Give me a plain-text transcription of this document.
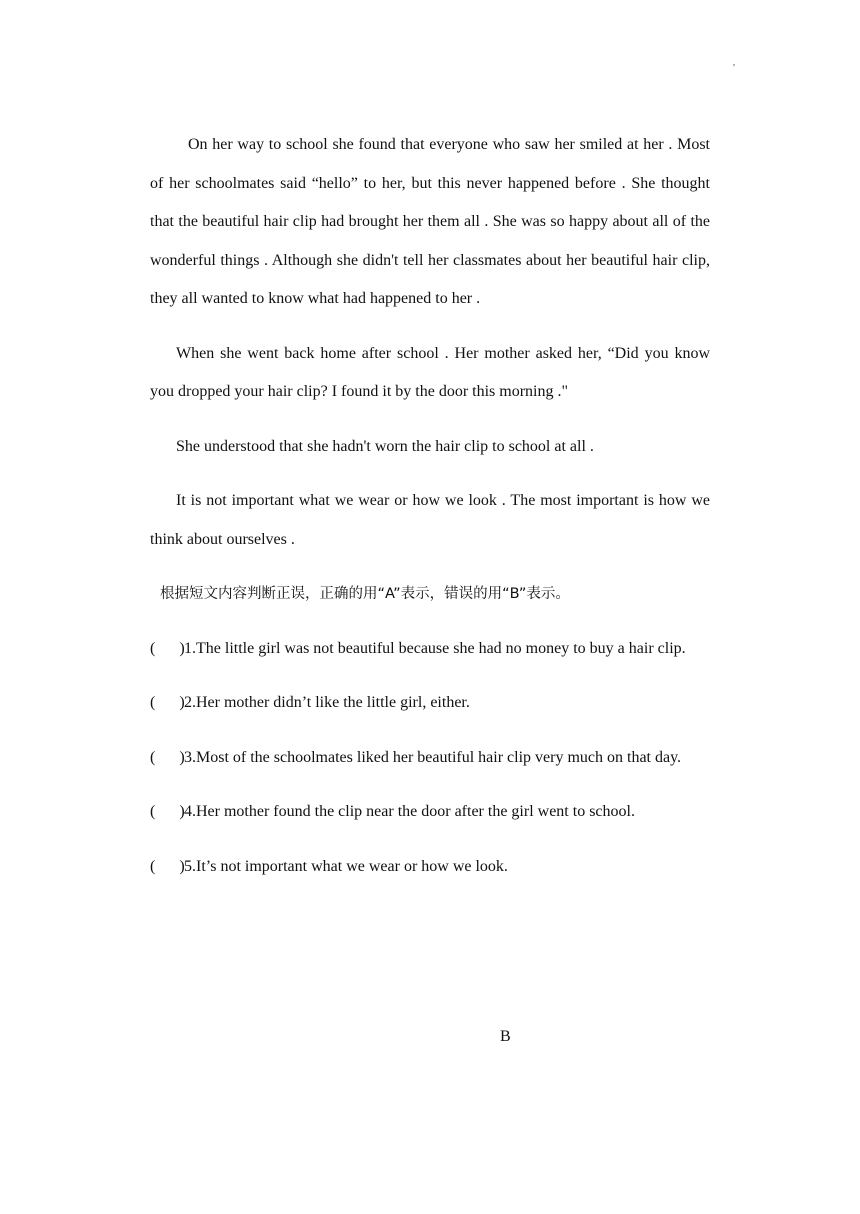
'

On her way to school she found that everyone who saw her smiled at her . Most of her schoolmates said “hello” to her, but this never happened before . She thought that the beautiful hair clip had brought her them all . She was so happy about all of the wonderful things . Although she didn't tell her classmates about her beautiful hair clip, they all wanted to know what had happened to her .

When she went back home after school . Her mother asked her, “Did you know you dropped your hair clip? I found it by the door this morning ."

She understood that she hadn't worn the hair clip to school at all .

It is not important what we wear or how we look . The most important is how we think about ourselves .

根据短文内容判断正误，正确的用“A”表示，错误的用“B”表示。

(      )1.The little girl was not beautiful because she had no money to buy a hair clip.

(      )2.Her mother didn’t like the little girl, either.

(      )3.Most of the schoolmates liked her beautiful hair clip very much on that day.

(      )4.Her mother found the clip near the door after the girl went to school.

(      )5.It’s not important what we wear or how we look.

B
